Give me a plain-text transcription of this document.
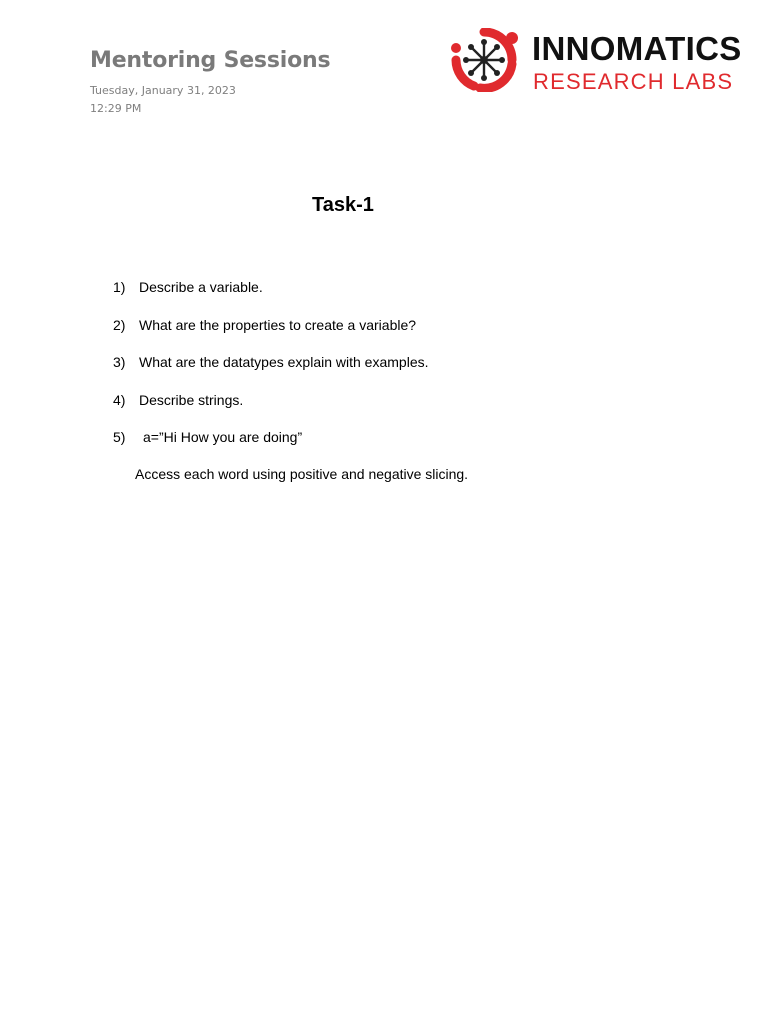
Mentoring Sessions
Tuesday, January 31, 2023
12:29 PM
INNOMATICS
RESEARCH LABS
Task-1
1) Describe a variable.
2) What are the properties to create a variable?
3) What are the datatypes explain with examples.
4) Describe strings.
5) a=”Hi How you are doing”
Access each word using positive and negative slicing.
